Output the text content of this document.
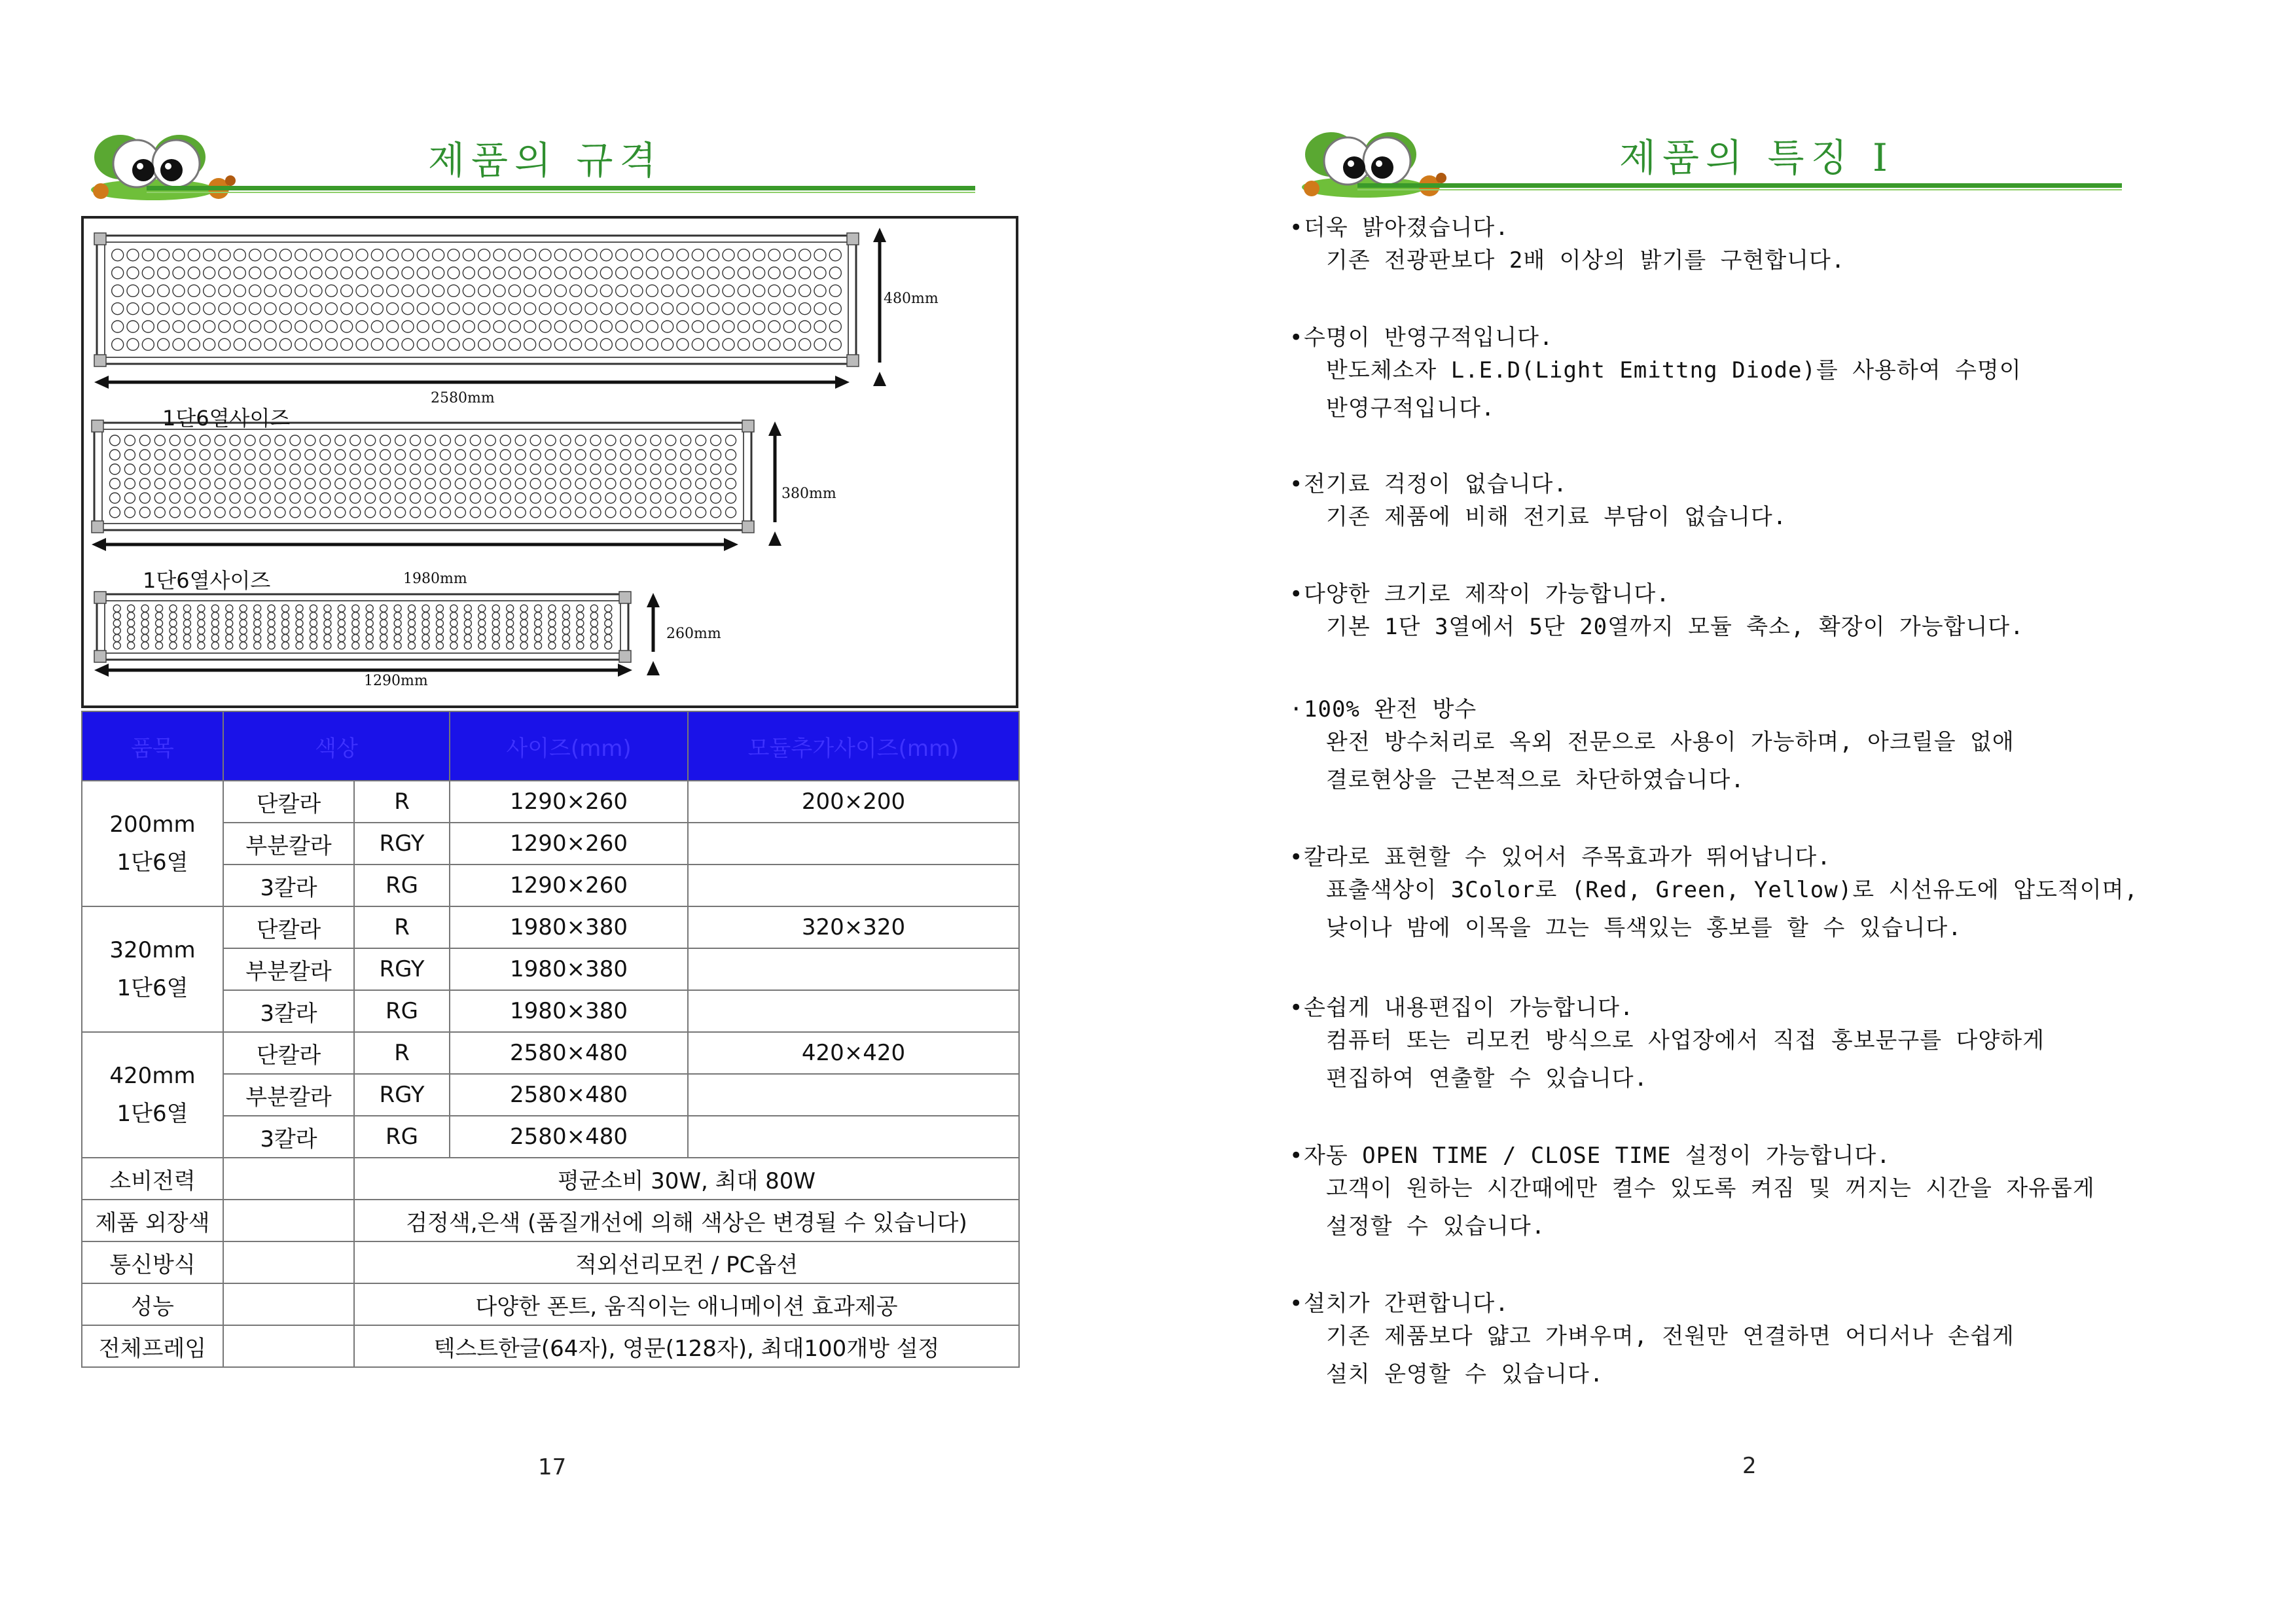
제품의 규격
480mm
2580mm
1단6열사이즈
380mm
1단6열사이즈	1980mm
260mm
1290mm
품목	색상		사이즈(mm)	모듈추가사이즈(mm)
200mm
1단6열	단칼라	R	1290×260	200×200
	부분칼라	RGY	1290×260	
	3칼라	RG	1290×260	
320mm
1단6열	단칼라	R	1980×380	320×320
	부분칼라	RGY	1980×380	
	3칼라	RG	1980×380	
420mm
1단6열	단칼라	R	2580×480	420×420
	부분칼라	RGY	2580×480	
	3칼라	RG	2580×480	
소비전력		평균소비 30W, 최대 80W		
제품 외장색		검정색,은색 (품질개선에 의해 색상은 변경될 수 있습니다)		
통신방식		적외선리모컨 / PC옵션		
성능		다양한 폰트, 움직이는 애니메이션 효과제공		
전체프레임		텍스트한글(64자), 영문(128자), 최대100개방 설정		
17
제품의 특징 I
2
•더욱 밝아졌습니다.
기존 전광판보다 2배 이상의 밝기를 구현합니다.
•수명이 반영구적입니다.
반도체소자 L.E.D(Light Emittng Diode)를 사용하여 수명이
반영구적입니다.
•전기료 걱정이 없습니다.
기존 제품에 비해 전기료 부담이 없습니다.
•다양한 크기로 제작이 가능합니다.
기본 1단 3열에서 5단 20열까지 모듈 축소, 확장이 가능합니다.
·100% 완전 방수
완전 방수처리로 옥외 전문으로 사용이 가능하며, 아크릴을 없애
결로현상을 근본적으로 차단하였습니다.
•칼라로 표현할 수 있어서 주목효과가 뛰어납니다.
표출색상이 3Color로 (Red, Green, Yellow)로 시선유도에 압도적이며,
낮이나 밤에 이목을 끄는 특색있는 홍보를 할 수 있습니다.
•손쉽게 내용편집이 가능합니다.
컴퓨터 또는 리모컨 방식으로 사업장에서 직접 홍보문구를 다양하게
편집하여 연출할 수 있습니다.
•자동 OPEN TIME / CLOSE TIME 설정이 가능합니다.
고객이 원하는 시간때에만 켤수 있도록 켜짐 및 꺼지는 시간을 자유롭게
설정할 수 있습니다.
•설치가 간편합니다.
기존 제품보다 얇고 가벼우며, 전원만 연결하면 어디서나 손쉽게
설치 운영할 수 있습니다.
